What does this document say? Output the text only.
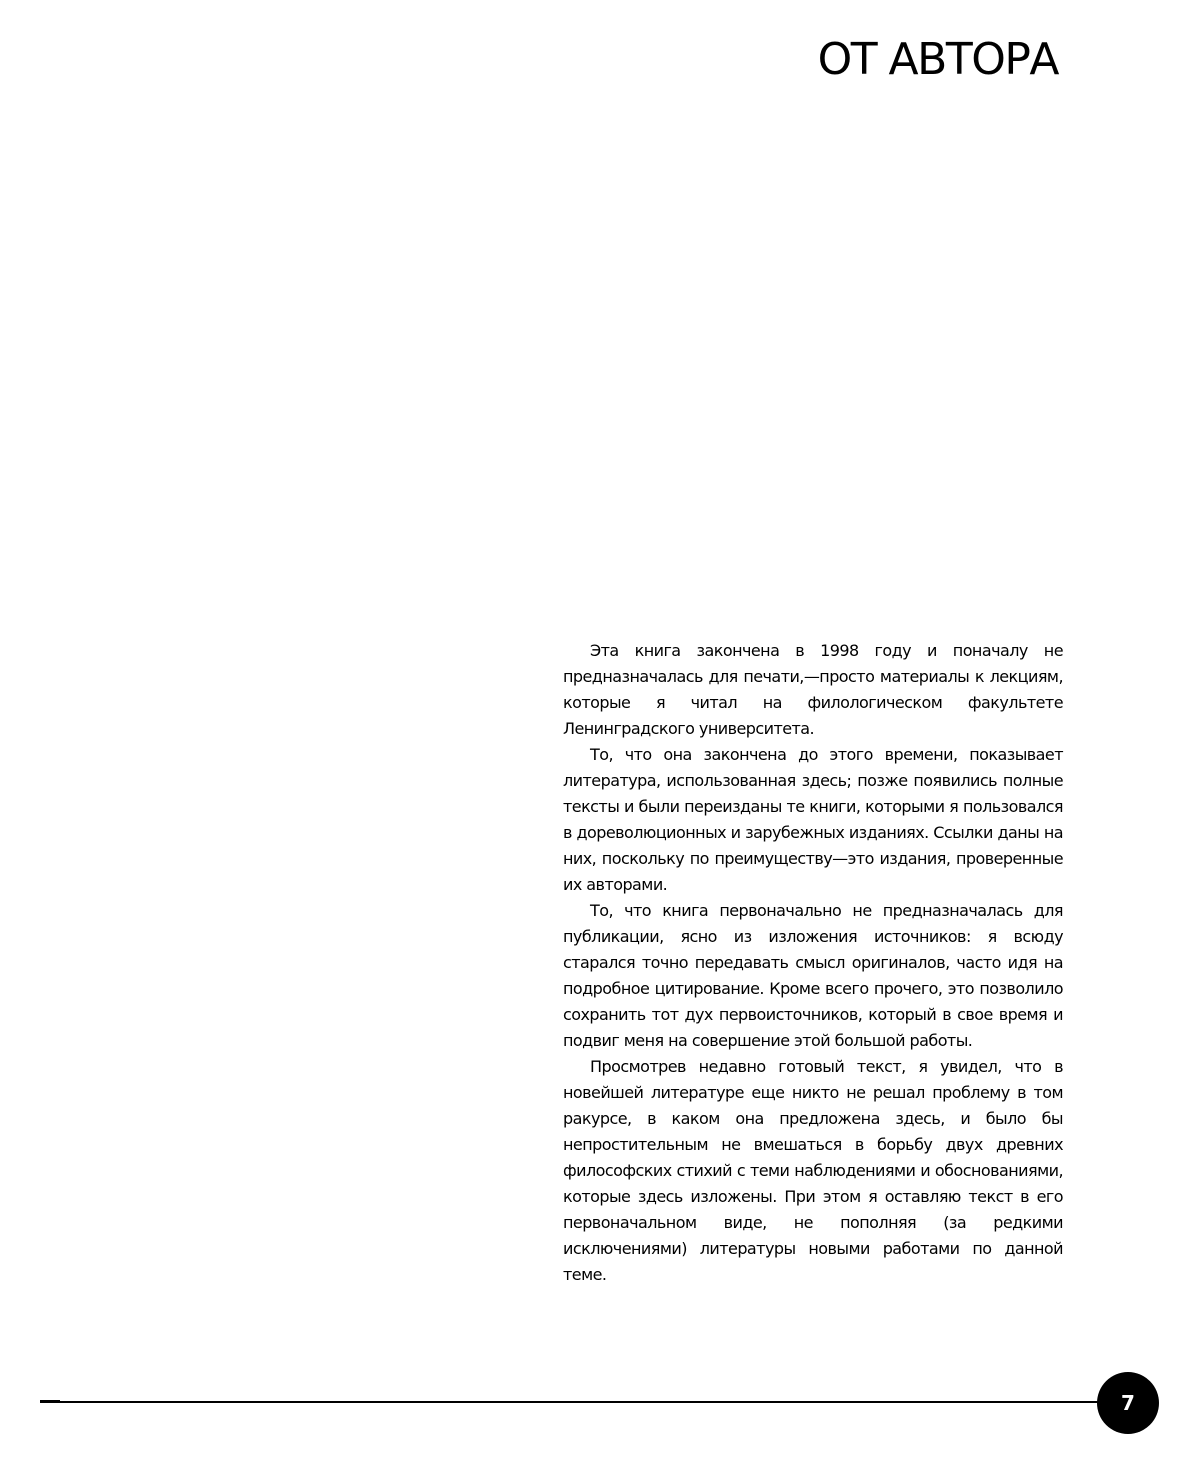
ОТ АВТОРА

Эта книга закончена в 1998 году и поначалу не предназначалась для печати,—просто материалы к лекциям, которые я читал на филологическом факультете Ленинградского университета.

То, что она закончена до этого времени, показывает литература, использованная здесь; позже появились полные тексты и были переизданы те книги, которыми я пользовался в дореволюционных и зарубежных изданиях. Ссылки даны на них, поскольку по преимуществу—это издания, проверенные их авторами.

То, что книга первоначально не предназначалась для публикации, ясно из изложения источников: я всюду старался точно передавать смысл оригиналов, часто идя на подробное цитирование. Кроме всего прочего, это позволило сохранить тот дух первоисточников, который в свое время и подвиг меня на совершение этой большой работы.

Просмотрев недавно готовый текст, я увидел, что в новейшей литературе еще никто не решал проблему в том ракурсе, в каком она предложена здесь, и было бы непростительным не вмешаться в борьбу двух древних философских стихий с теми наблюдениями и обоснованиями, которые здесь изложены. При этом я оставляю текст в его первоначальном виде, не пополняя (за редкими исключениями) литературы новыми работами по данной теме.

7
